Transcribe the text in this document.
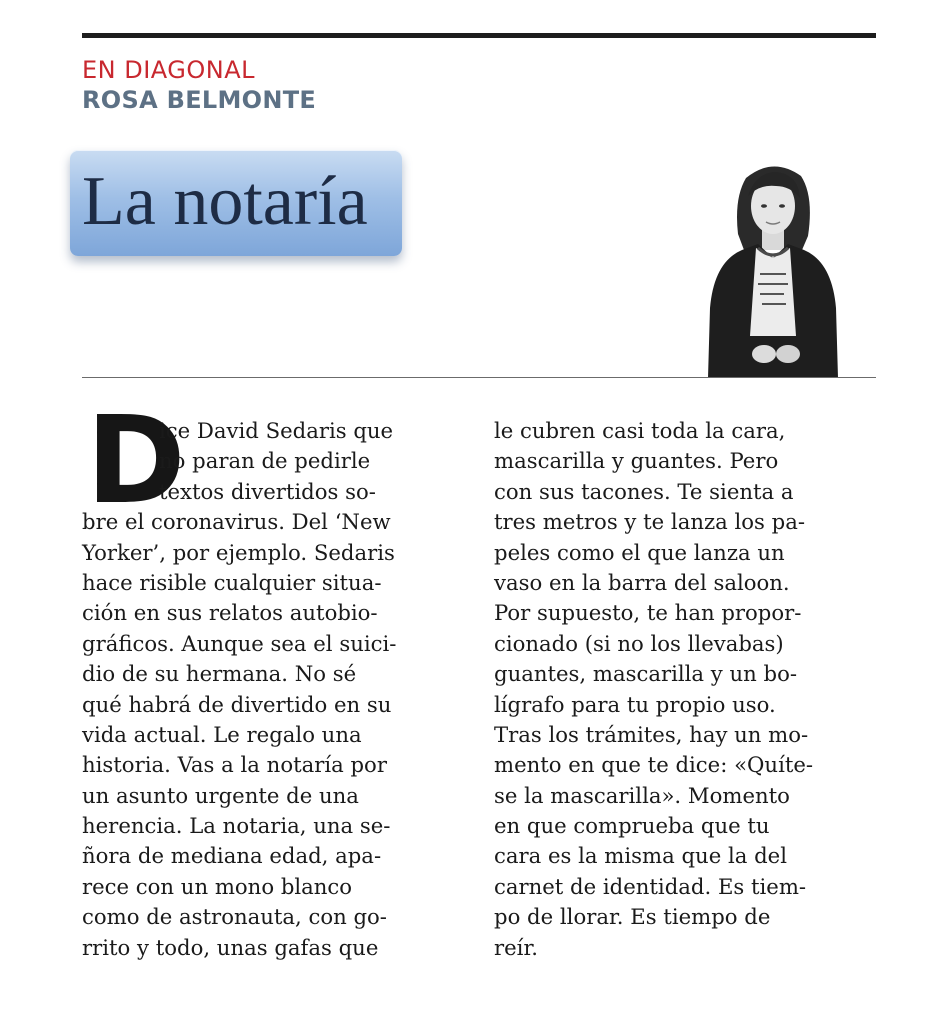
EN DIAGONAL
ROSA BELMONTE
La notaría
D
ice David Sedaris que
no paran de pedirle
textos divertidos so-
bre el coronavirus. Del ‘New
Yorker’, por ejemplo. Sedaris
hace risible cualquier situa-
ción en sus relatos autobio-
gráficos. Aunque sea el suici-
dio de su hermana. No sé
qué habrá de divertido en su
vida actual. Le regalo una
historia. Vas a la notaría por
un asunto urgente de una
herencia. La notaria, una se-
ñora de mediana edad, apa-
rece con un mono blanco
como de astronauta, con go-
rrito y todo, unas gafas que
le cubren casi toda la cara,
mascarilla y guantes. Pero
con sus tacones. Te sienta a
tres metros y te lanza los pa-
peles como el que lanza un
vaso en la barra del saloon.
Por supuesto, te han propor-
cionado (si no los llevabas)
guantes, mascarilla y un bo-
lígrafo para tu propio uso.
Tras los trámites, hay un mo-
mento en que te dice: «Quíte-
se la mascarilla». Momento
en que comprueba que tu
cara es la misma que la del
carnet de identidad. Es tiem-
po de llorar. Es tiempo de
reír.
